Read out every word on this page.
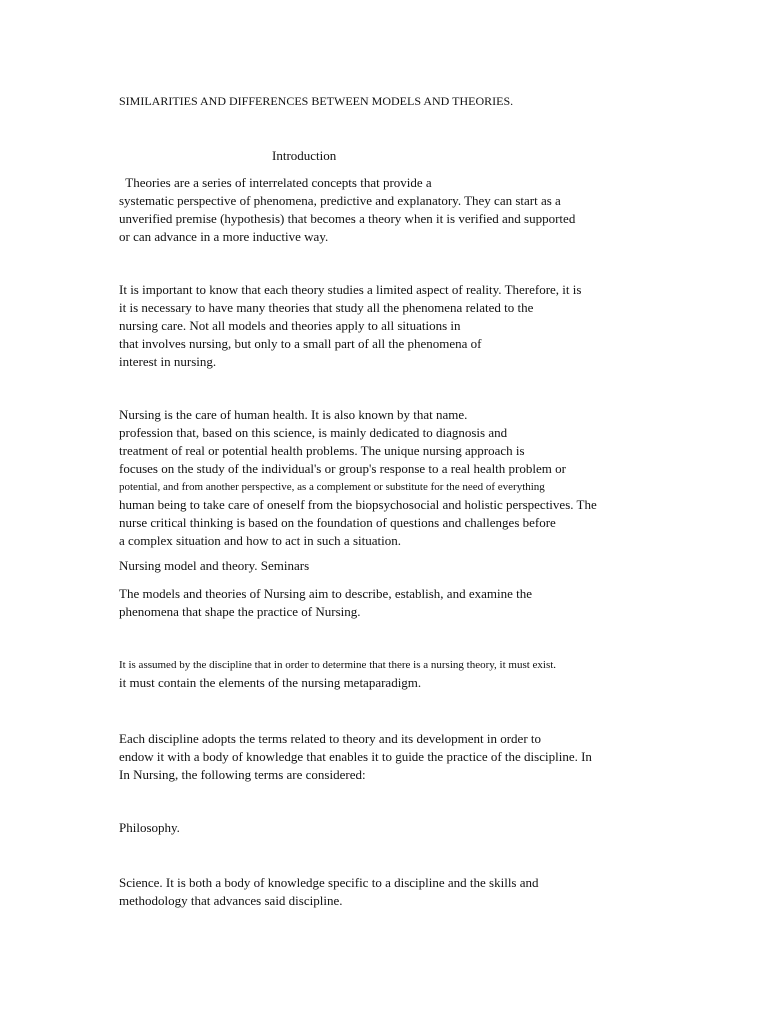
SIMILARITIES AND DIFFERENCES BETWEEN MODELS AND THEORIES.
Introduction
Theories are a series of interrelated concepts that provide a
systematic perspective of phenomena, predictive and explanatory. They can start as a
unverified premise (hypothesis) that becomes a theory when it is verified and supported
or can advance in a more inductive way.
It is important to know that each theory studies a limited aspect of reality. Therefore, it is
it is necessary to have many theories that study all the phenomena related to the
nursing care. Not all models and theories apply to all situations in
that involves nursing, but only to a small part of all the phenomena of
interest in nursing.
Nursing is the care of human health. It is also known by that name.
profession that, based on this science, is mainly dedicated to diagnosis and
treatment of real or potential health problems. The unique nursing approach is
focuses on the study of the individual's or group's response to a real health problem or
potential, and from another perspective, as a complement or substitute for the need of everything
human being to take care of oneself from the biopsychosocial and holistic perspectives. The
nurse critical thinking is based on the foundation of questions and challenges before
a complex situation and how to act in such a situation.
Nursing model and theory. Seminars
The models and theories of Nursing aim to describe, establish, and examine the
phenomena that shape the practice of Nursing.
It is assumed by the discipline that in order to determine that there is a nursing theory, it must exist.
it must contain the elements of the nursing metaparadigm.
Each discipline adopts the terms related to theory and its development in order to
endow it with a body of knowledge that enables it to guide the practice of the discipline. In
In Nursing, the following terms are considered:
Philosophy.
Science. It is both a body of knowledge specific to a discipline and the skills and
methodology that advances said discipline.
